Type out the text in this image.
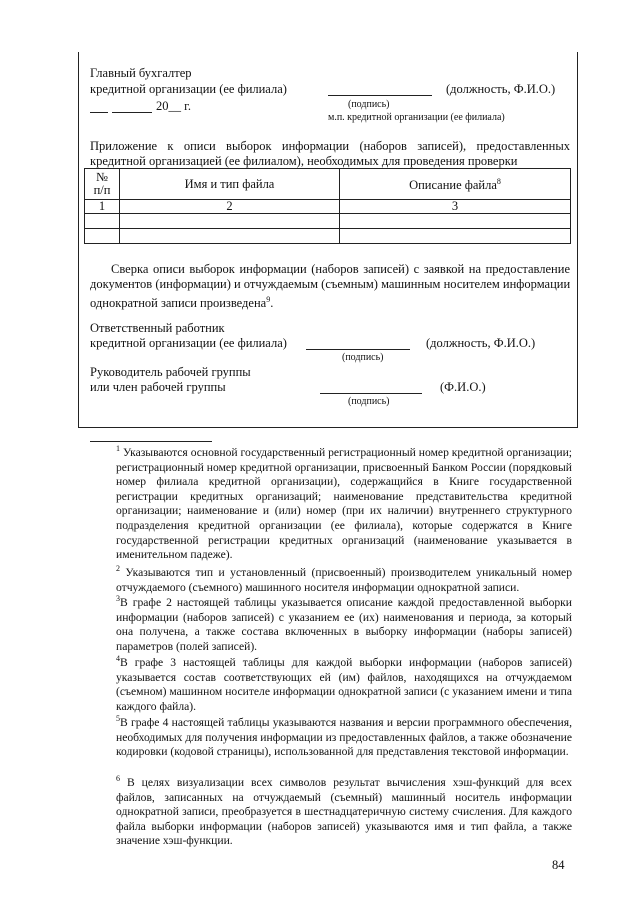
Главный бухгалтер
кредитной организации (ее филиала)	(должность, Ф.И.О.)
20__ г.	(подпись)
м.п. кредитной организации (ее филиала)
Приложение к описи выборок информации (наборов записей), предоставленных
кредитной организацией (ее филиалом), необходимых для проведения проверки
№
п/п	Имя и тип файла	Описание файла$^8$
1	2	3

Сверка описи выборок информации (наборов записей) с заявкой на предоставление
документов (информации) и отчуждаемым (съемным) машинным носителем информации
однократной записи произведена$^9$.
Ответственный работник
кредитной организации (ее филиала)	(должность, Ф.И.О.)
(подпись)
Руководитель рабочей группы
или член рабочей группы	(Ф.И.О.)
(подпись)
$^1$ Указываются основной государственный регистрационный номер кредитной организации; регистрационный номер кредитной организации, присвоенный Банком России (порядковый номер филиала кредитной организации), содержащийся в Книге государственной регистрации кредитных организаций; наименование представительства кредитной организации; наименование и (или) номер (при их наличии) внутреннего структурного подразделения кредитной организации (ее филиала), которые содержатся в Книге государственной регистрации кредитных организаций (наименование указывается в именительном падеже).
$^2$ Указываются тип и установленный (присвоенный) производителем уникальный номер отчуждаемого (съемного) машинного носителя информации однократной записи.
$^3$В графе 2 настоящей таблицы указывается описание каждой предоставленной выборки информации (наборов записей) с указанием ее (их) наименования и периода, за который она получена, а также состава включенных в выборку информации (наборы записей) параметров (полей записей).
$^4$В графе 3 настоящей таблицы для каждой выборки информации (наборов записей) указывается состав соответствующих ей (им) файлов, находящихся на отчуждаемом (съемном) машинном носителе информации однократной записи (с указанием имени и типа каждого файла).
$^5$В графе 4 настоящей таблицы указываются названия и версии программного обеспечения, необходимых для получения информации из предоставленных файлов, а также обозначение кодировки (кодовой страницы), использованной для представления текстовой информации.
$^6$ В целях визуализации всех символов результат вычисления хэш-функций для всех файлов, записанных на отчуждаемый (съемный) машинный носитель информации однократной записи, преобразуется в шестнадцатеричную систему счисления. Для каждого файла выборки информации (наборов записей) указываются имя и тип файла, а также значение хэш-функции.
84
